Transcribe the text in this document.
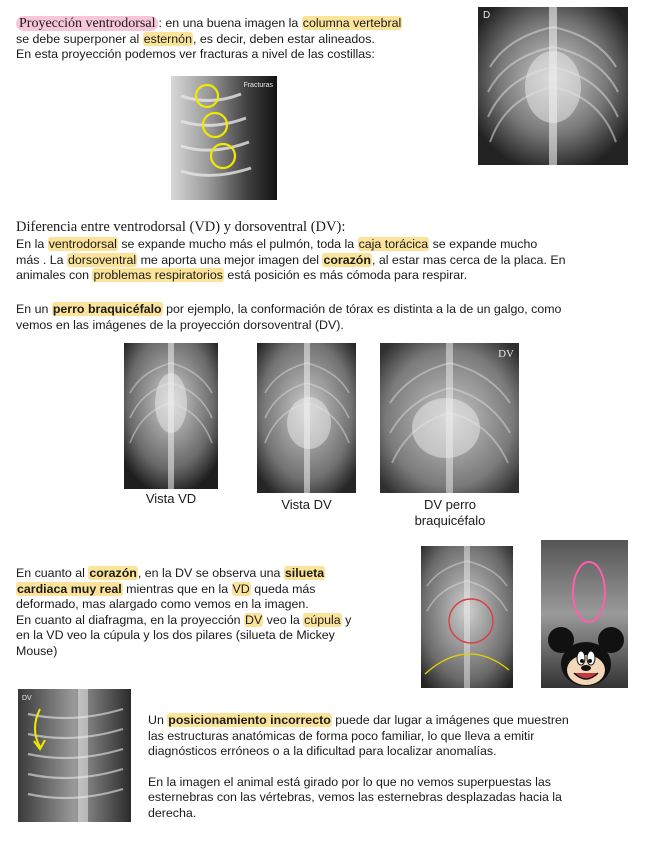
Proyección ventrodorsal : en una buena imagen la columna vertebral
se debe superponer al esternón, es decir, deben estar alineados.
En esta proyección podemos ver fracturas a nivel de las costillas:
Fracturas
D
Diferencia entre ventrodorsal (VD) y dorsoventral (DV):
En la ventrodorsal se expande mucho más el pulmón, toda la caja torácica se expande mucho
más . La dorsoventral me aporta una mejor imagen del corazón, al estar mas cerca de la placa. En
animales con problemas respiratorios está posición es más cómoda para respirar.
En un perro braquicéfalo por ejemplo, la conformación de tórax es distinta a la de un galgo, como
vemos en las imágenes de la proyección dorsoventral (DV).
DV
Vista VD	Vista DV	DV perro braquicéfalo
En cuanto al corazón, en la DV se observa una silueta
cardiaca muy real mientras que en la VD queda más
deformado, mas alargado como vemos en la imagen.
En cuanto al diafragma, en la proyección DV veo la cúpula y
en la VD veo la cúpula y los dos pilares (silueta de Mickey
Mouse)
DV
Un posicionamiento incorrecto puede dar lugar a imágenes que muestren
las estructuras anatómicas de forma poco familiar, lo que lleva a emitir
diagnósticos erróneos o a la dificultad para localizar anomalías.
En la imagen el animal está girado por lo que no vemos superpuestas las
esternebras con las vértebras, vemos las esternebras desplazadas hacia la
derecha.
